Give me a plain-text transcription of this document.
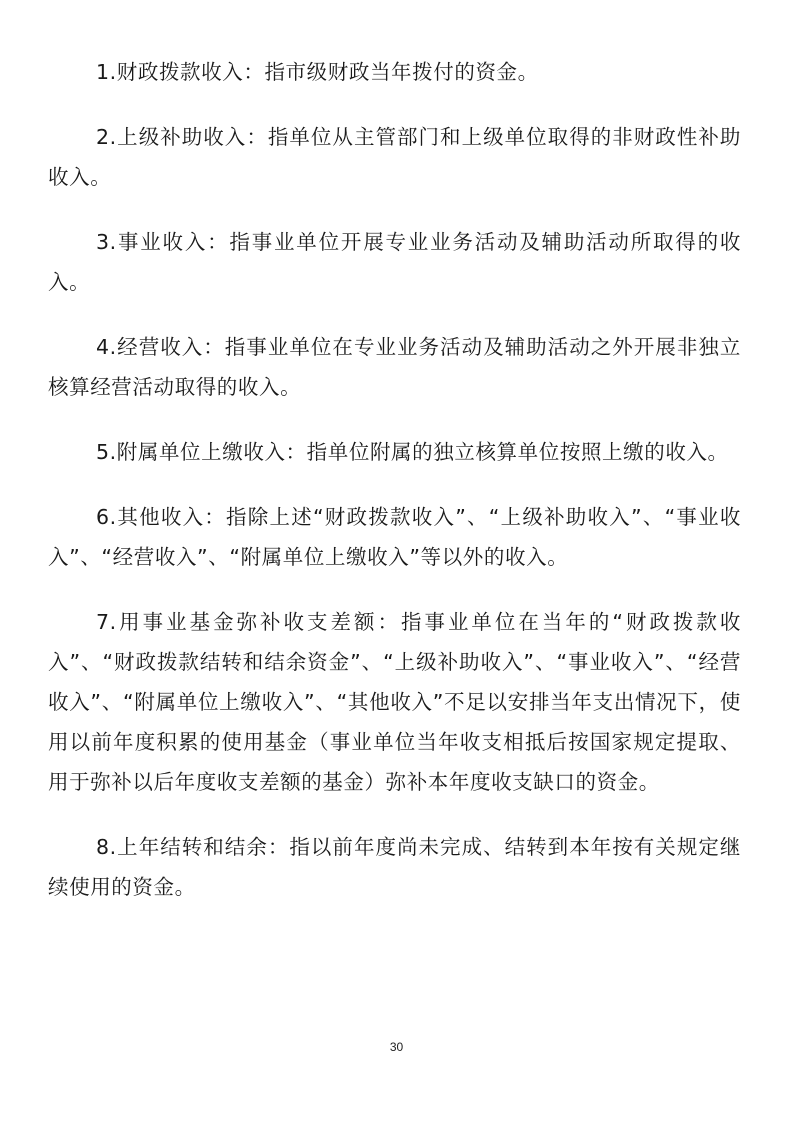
1.财政拨款收入：指市级财政当年拨付的资金。

2.上级补助收入：指单位从主管部门和上级单位取得的非财政性补助收入。

3.事业收入：指事业单位开展专业业务活动及辅助活动所取得的收入。

4.经营收入：指事业单位在专业业务活动及辅助活动之外开展非独立核算经营活动取得的收入。

5.附属单位上缴收入：指单位附属的独立核算单位按照上缴的收入。

6.其他收入：指除上述“财政拨款收入”、“上级补助收入”、“事业收入”、“经营收入”、“附属单位上缴收入”等以外的收入。

7.用事业基金弥补收支差额：指事业单位在当年的“财政拨款收入”、“财政拨款结转和结余资金”、“上级补助收入”、“事业收入”、“经营收入”、“附属单位上缴收入”、“其他收入”不足以安排当年支出情况下，使用以前年度积累的使用基金（事业单位当年收支相抵后按国家规定提取、用于弥补以后年度收支差额的基金）弥补本年度收支缺口的资金。

8.上年结转和结余：指以前年度尚未完成、结转到本年按有关规定继续使用的资金。

30
